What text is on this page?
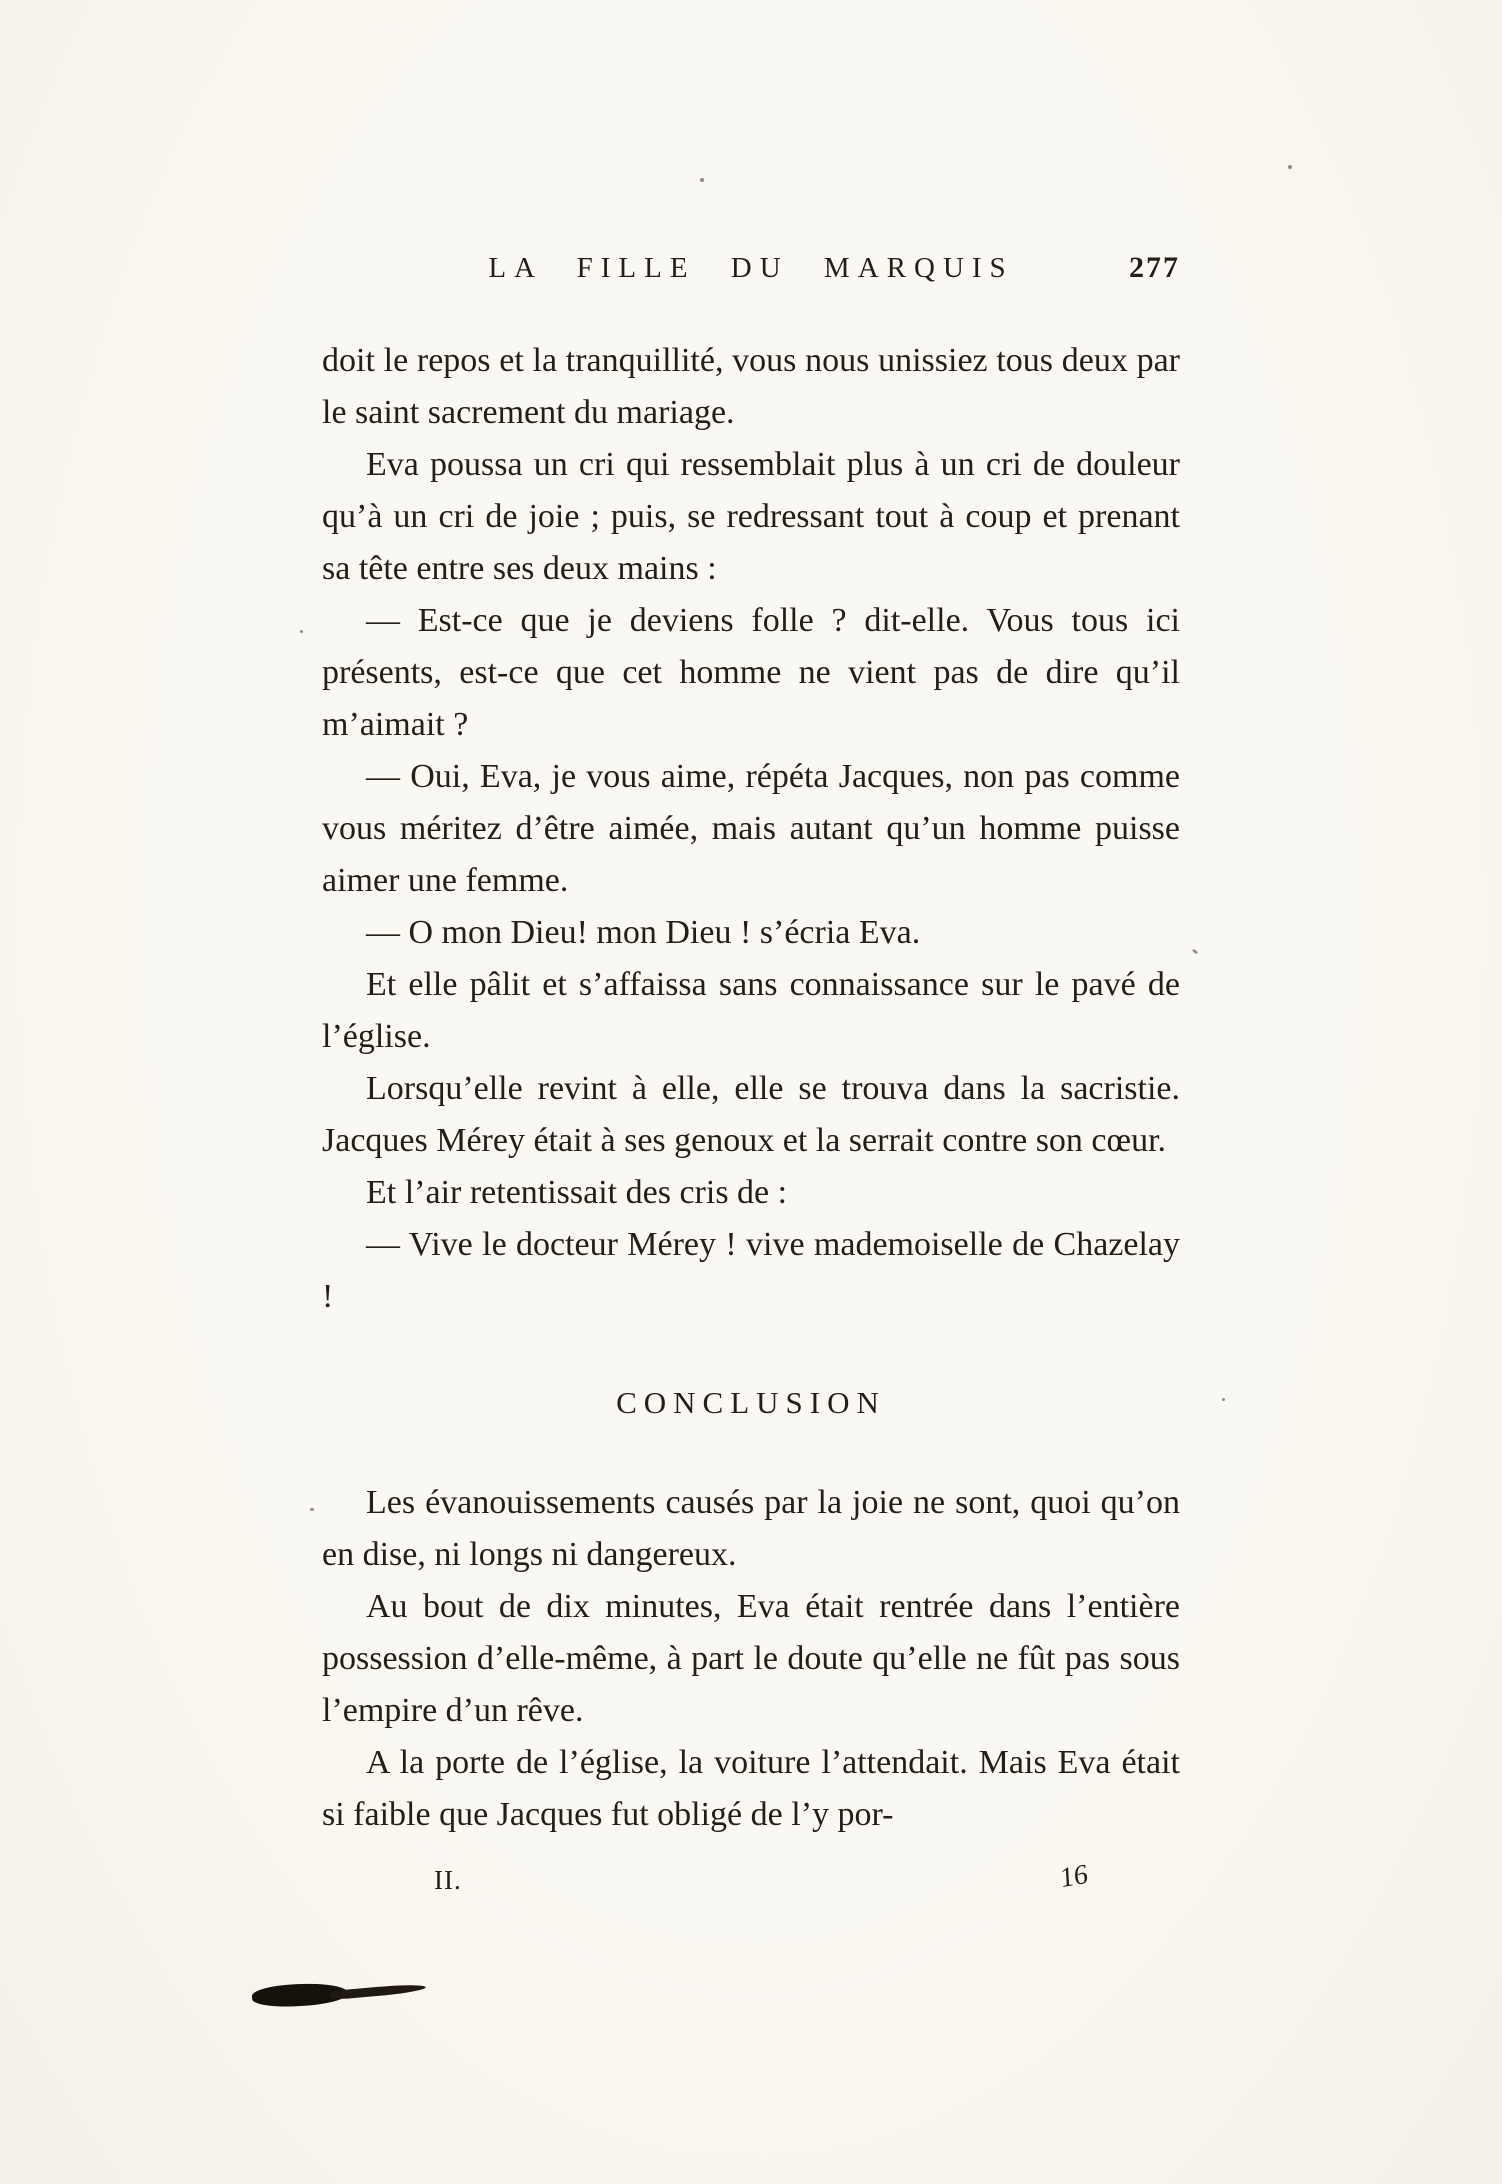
LA FILLE DU MARQUIS	277

doit le repos et la tranquillité, vous nous unissiez tous deux par le saint sacrement du mariage.

Eva poussa un cri qui ressemblait plus à un cri de douleur qu’à un cri de joie ; puis, se redressant tout à coup et prenant sa tête entre ses deux mains :

— Est-ce que je deviens folle ? dit-elle. Vous tous ici présents, est-ce que cet homme ne vient pas de dire qu’il m’aimait ?

— Oui, Eva, je vous aime, répéta Jacques, non pas comme vous méritez d’être aimée, mais autant qu’un homme puisse aimer une femme.

— O mon Dieu! mon Dieu ! s’écria Eva.

Et elle pâlit et s’affaissa sans connaissance sur le pavé de l’église.

Lorsqu’elle revint à elle, elle se trouva dans la sacristie. Jacques Mérey était à ses genoux et la serrait contre son cœur.

Et l’air retentissait des cris de :

— Vive le docteur Mérey ! vive mademoiselle de Chazelay !

CONCLUSION

Les évanouissements causés par la joie ne sont, quoi qu’on en dise, ni longs ni dangereux.

Au bout de dix minutes, Eva était rentrée dans l’entière possession d’elle-même, à part le doute qu’elle ne fût pas sous l’empire d’un rêve.

A la porte de l’église, la voiture l’attendait. Mais Eva était si faible que Jacques fut obligé de l’y por-

II.	16
